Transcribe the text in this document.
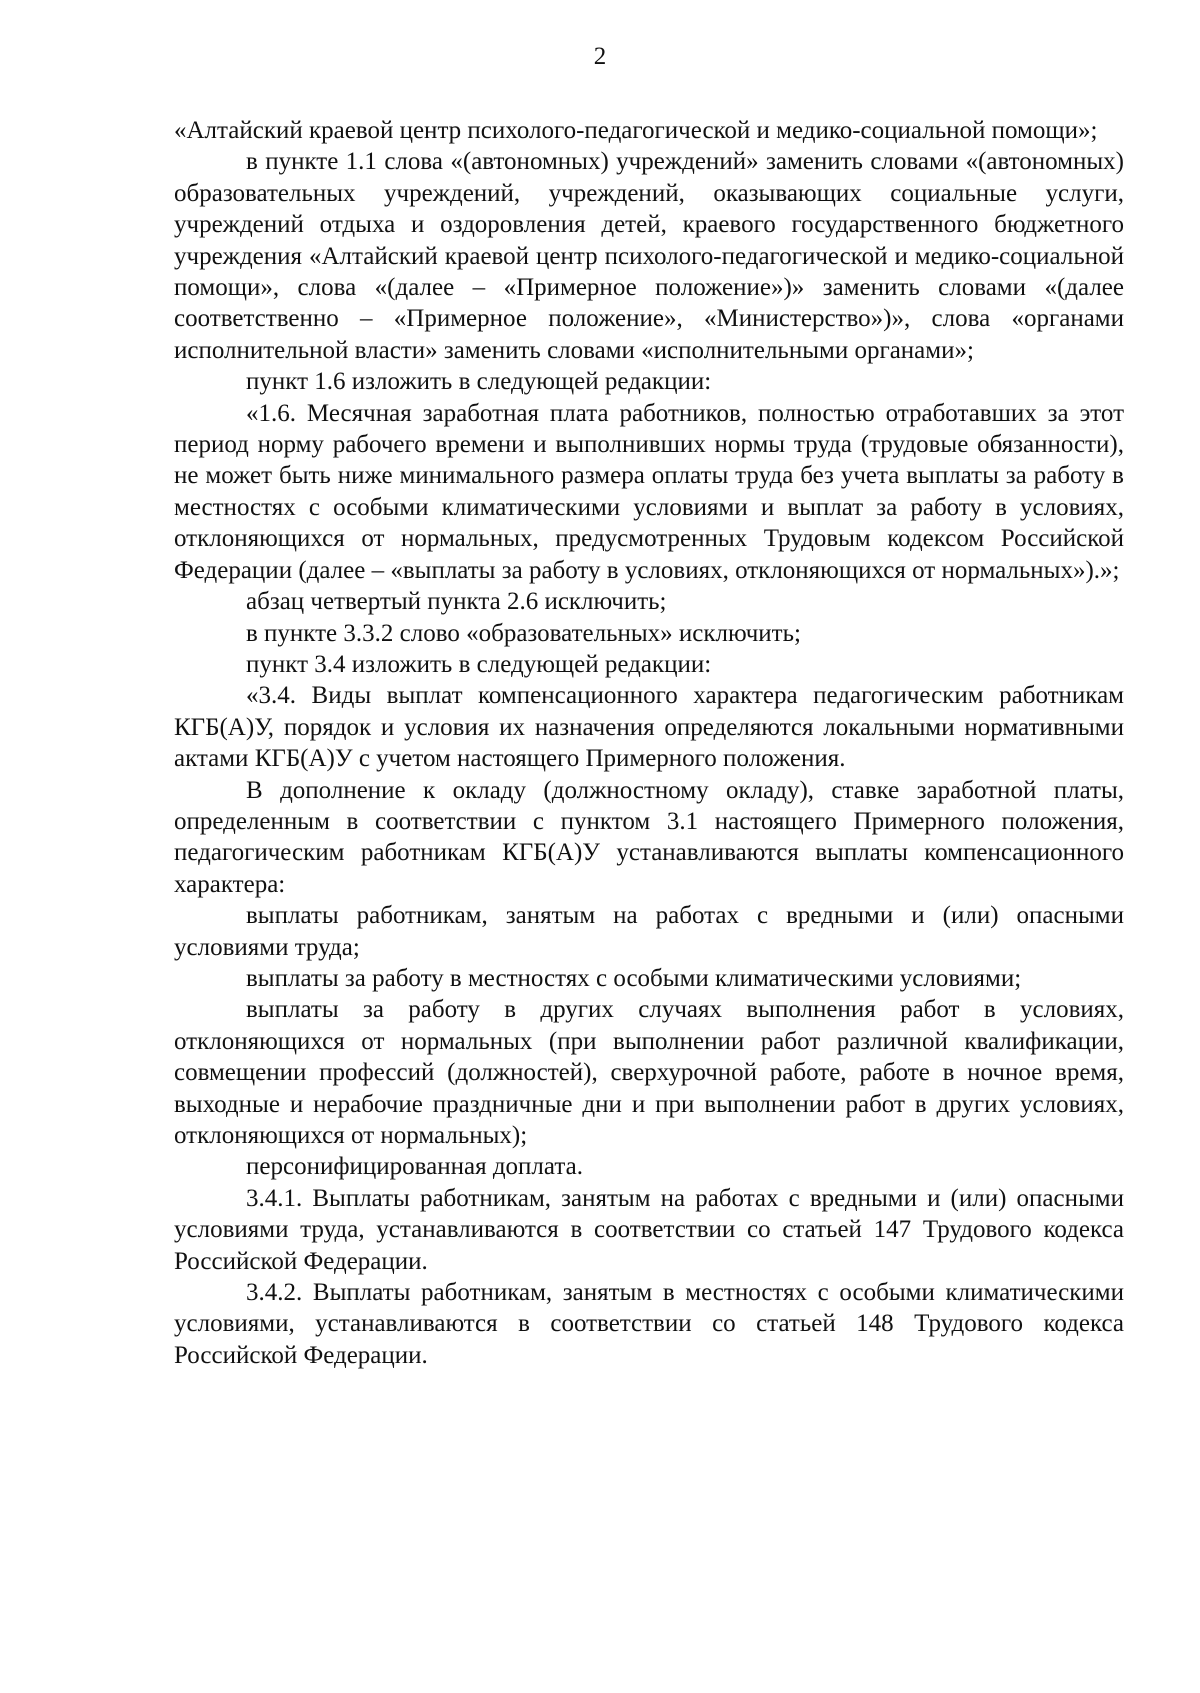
2

«Алтайский краевой центр психолого-педагогической и медико-социальной помощи»;

в пункте 1.1 слова «(автономных) учреждений» заменить словами «(автономных) образовательных учреждений, учреждений, оказывающих социальные услуги, учреждений отдыха и оздоровления детей, краевого государственного бюджетного учреждения «Алтайский краевой центр психолого-педагогической и медико-социальной помощи», слова «(далее – «Примерное положение»)» заменить словами «(далее соответственно – «Примерное положение», «Министерство»)», слова «органами исполнительной власти» заменить словами «исполнительными органами»;

пункт 1.6 изложить в следующей редакции:

«1.6. Месячная заработная плата работников, полностью отработавших за этот период норму рабочего времени и выполнивших нормы труда (трудовые обязанности), не может быть ниже минимального размера оплаты труда без учета выплаты за работу в местностях с особыми климатическими условиями и выплат за работу в условиях, отклоняющихся от нормальных, предусмотренных Трудовым кодексом Российской Федерации (далее – «выплаты за работу в условиях, отклоняющихся от нормальных»).»;

абзац четвертый пункта 2.6 исключить;

в пункте 3.3.2 слово «образовательных» исключить;

пункт 3.4 изложить в следующей редакции:

«3.4. Виды выплат компенсационного характера педагогическим работникам КГБ(А)У, порядок и условия их назначения определяются локальными нормативными актами КГБ(А)У с учетом настоящего Примерного положения.

В дополнение к окладу (должностному окладу), ставке заработной платы, определенным в соответствии с пунктом 3.1 настоящего Примерного положения, педагогическим работникам КГБ(А)У устанавливаются выплаты компенсационного характера:

выплаты работникам, занятым на работах с вредными и (или) опасными условиями труда;

выплаты за работу в местностях с особыми климатическими условиями;

выплаты за работу в других случаях выполнения работ в условиях, отклоняющихся от нормальных (при выполнении работ различной квалификации, совмещении профессий (должностей), сверхурочной работе, работе в ночное время, выходные и нерабочие праздничные дни и при выполнении работ в других условиях, отклоняющихся от нормальных);

персонифицированная доплата.

3.4.1. Выплаты работникам, занятым на работах с вредными и (или) опасными условиями труда, устанавливаются в соответствии со статьей 147 Трудового кодекса Российской Федерации.

3.4.2. Выплаты работникам, занятым в местностях с особыми климатическими условиями, устанавливаются в соответствии со статьей 148 Трудового кодекса Российской Федерации.
